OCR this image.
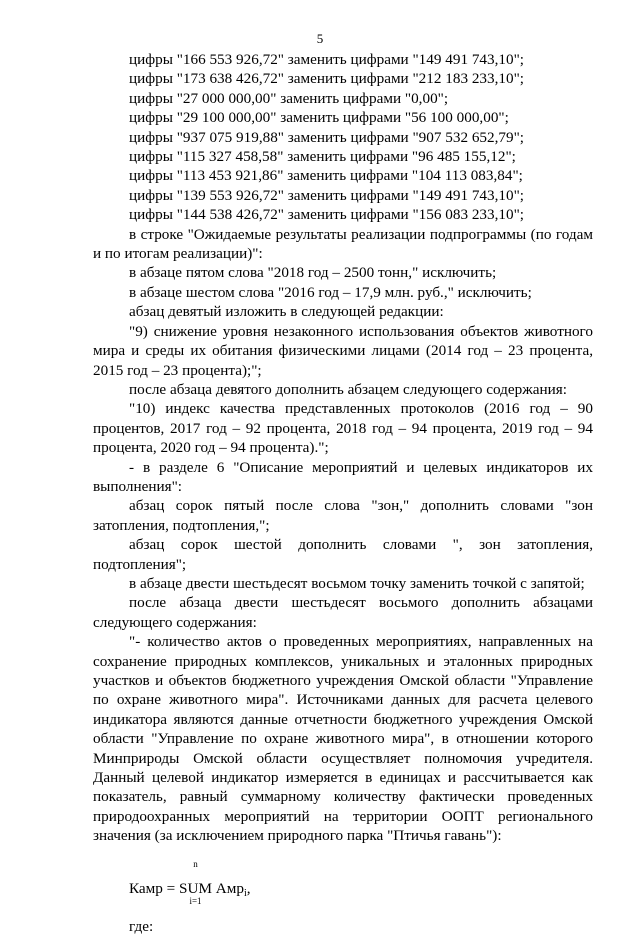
5

цифры "166 553 926,72" заменить цифрами "149 491 743,10";

цифры "173 638 426,72" заменить цифрами "212 183 233,10";

цифры "27 000 000,00" заменить цифрами "0,00";

цифры "29 100 000,00" заменить цифрами "56 100 000,00";

цифры "937 075 919,88" заменить цифрами "907 532 652,79";

цифры "115 327 458,58" заменить цифрами "96 485 155,12";

цифры "113 453 921,86" заменить цифрами "104 113 083,84";

цифры "139 553 926,72" заменить цифрами "149 491 743,10";

цифры "144 538 426,72" заменить цифрами "156 083 233,10";

в строке "Ожидаемые результаты реализации подпрограммы (по годам и по итогам реализации)":

в абзаце пятом слова "2018 год – 2500 тонн," исключить;

в абзаце шестом слова "2016 год – 17,9 млн. руб.," исключить;

абзац девятый изложить в следующей редакции:

"9) снижение уровня незаконного использования объектов животного мира и среды их обитания физическими лицами (2014 год – 23 процента, 2015 год – 23 процента);";

после абзаца девятого дополнить абзацем следующего содержания:

"10) индекс качества представленных протоколов (2016 год – 90 процентов, 2017 год – 92 процента, 2018 год – 94 процента, 2019 год – 94 процента, 2020 год – 94 процента).";

- в разделе 6 "Описание мероприятий и целевых индикаторов их выполнения":

абзац сорок пятый после слова "зон," дополнить словами "зон затопления, подтопления,";

абзац сорок шестой дополнить словами ", зон затопления, подтопления";

в абзаце двести шестьдесят восьмом точку заменить точкой с запятой;

после абзаца двести шестьдесят восьмого дополнить абзацами следующего содержания:

"- количество актов о проведенных мероприятиях, направленных на сохранение природных комплексов, уникальных и эталонных природных участков и объектов бюджетного учреждения Омской области "Управление по охране животного мира". Источниками данных для расчета целевого индикатора являются данные отчетности бюджетного учреждения Омской области "Управление по охране животного мира", в отношении которого Минприроды Омской области осуществляет полномочия учредителя. Данный целевой индикатор измеряется в единицах и рассчитывается как показатель, равный суммарному количеству фактически проведенных природоохранных мероприятий на территории ООПТ регионального значения (за исключением природного парка "Птичья гавань"):

Камр =
n
SUM
i=1
Амр$_i$,

где:
